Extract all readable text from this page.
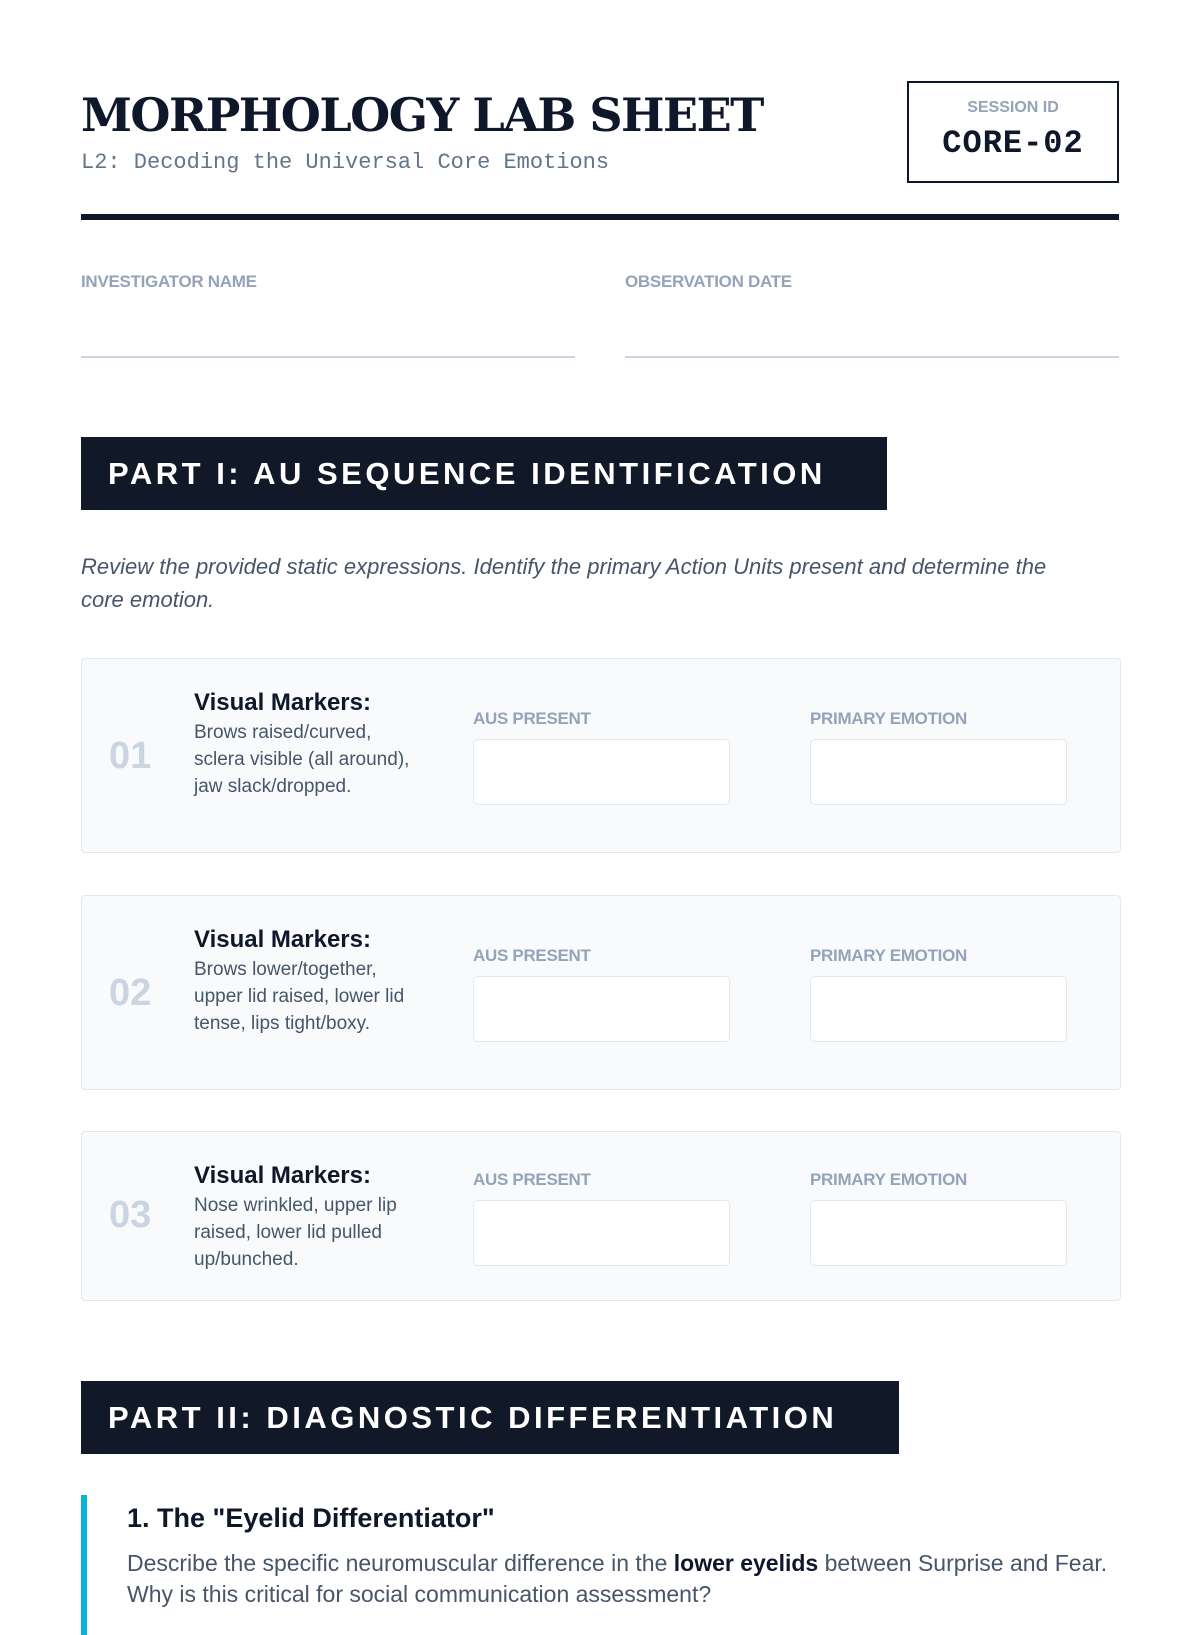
MORPHOLOGY LAB SHEET
L2: Decoding the Universal Core Emotions
SESSION ID
CORE-02
INVESTIGATOR NAME	OBSERVATION DATE
PART I: AU SEQUENCE IDENTIFICATION

Review the provided static expressions. Identify the primary Action Units present and determine the core emotion.

01
Visual Markers:
Brows raised/curved, sclera visible (all around), jaw slack/dropped.
AUS PRESENT	PRIMARY EMOTION
02
Visual Markers:
Brows lower/together, upper lid raised, lower lid tense, lips tight/boxy.
AUS PRESENT	PRIMARY EMOTION
03
Visual Markers:
Nose wrinkled, upper lip raised, lower lid pulled up/bunched.
AUS PRESENT	PRIMARY EMOTION
PART II: DIAGNOSTIC DIFFERENTIATION
1. The "Eyelid Differentiator"
Describe the specific neuromuscular difference in the lower eyelids between Surprise and Fear. Why is this critical for social communication assessment?
